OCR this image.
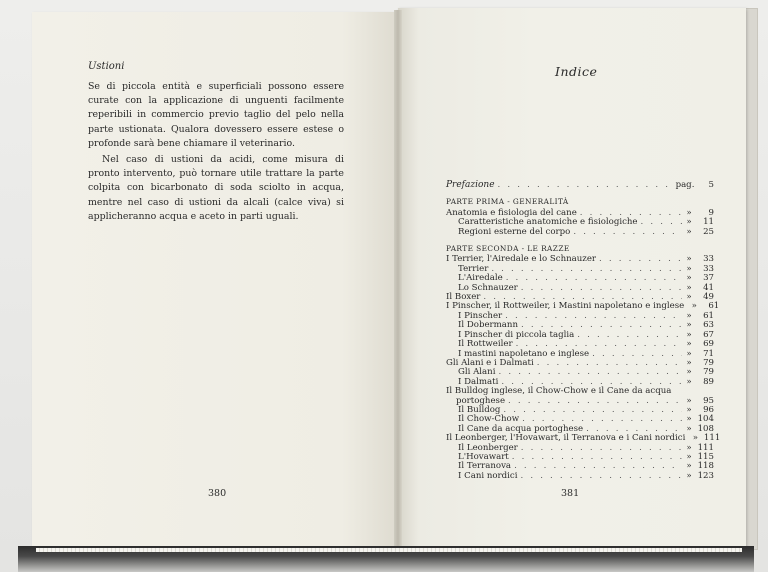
Ustioni
Se di piccola entità e superficiali possono essere curate con la applicazione di unguenti facilmente reperibili in commercio previo taglio del pelo nella parte ustionata. Qualora dovessero essere estese o profonde sarà bene chiamare il veterinario.
Nel caso di ustioni da acidi, come misura di pronto intervento, può tornare utile trattare la parte colpita con bicarbonato di soda sciolto in acqua, mentre nel caso di ustioni da alcali (calce viva) si applicheranno acqua e aceto in parti uguali.
Indice
Prefazione . . .	pag.	5
PARTE PRIMA - GENERALITÀ
Anatomia e fisiologia del cane . . .	»	9
Caratteristiche anatomiche e fisiologiche . . .	»	11
Regioni esterne del corpo . . .	»	25
PARTE SECONDA - LE RAZZE
I Terrier, l'Airedale e lo Schnauzer . . .	»	33
Terrier . . .	»	33
L'Airedale . . .	»	37
Lo Schnauzer . . .	»	41
Il Boxer . . .	»	49
I Pinscher, il Rottweiler, i Mastini napoletano e inglese . . . »	61
I Pinscher . . .	»	61
Il Dobermann . . .	»	63
I Pinscher di piccola taglia . . .	»	67
Il Rottweiler . . .	»	69
I mastini napoletano e inglese . . .	»	71
Gli Alani e i Dalmati . . .	»	79
Gli Alani . . .	»	79
I Dalmati . . .	»	89
Il Bulldog inglese, il Chow-Chow e il Cane da acqua
portoghese . . .	»	95
Il Bulldog . . .	»	96
Il Chow-Chow . . .	» 104
Il Cane da acqua portoghese . . .	» 108
Il Leonberger, l'Hovawart, il Terranova e i Cani nordici . . . » 111
Il Leonberger . . .	» 111
L'Hovawart . . .	» 115
Il Terranova . . .	» 118
I Cani nordici . . .	» 123
380	381
